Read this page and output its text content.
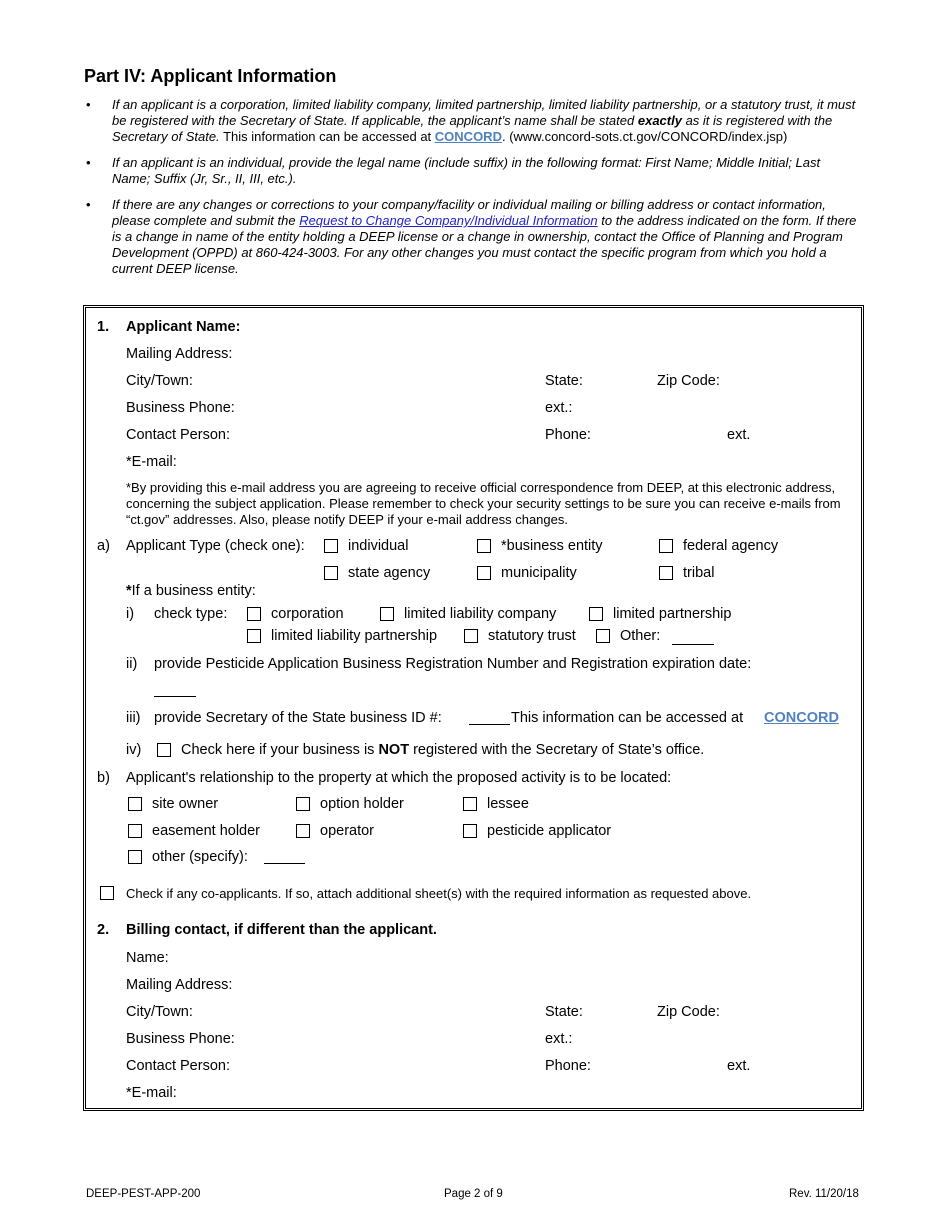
Part IV: Applicant Information
• If an applicant is a corporation, limited liability company, limited partnership, limited liability partnership, or a statutory trust, it must be registered with the Secretary of State. If applicable, the applicant’s name shall be stated exactly as it is registered with the Secretary of State. This information can be accessed at CONCORD. (www.concord-sots.ct.gov/CONCORD/index.jsp)
• If an applicant is an individual, provide the legal name (include suffix) in the following format: First Name; Middle Initial; Last Name; Suffix (Jr, Sr., II, III, etc.).
• If there are any changes or corrections to your company/facility or individual mailing or billing address or contact information, please complete and submit the Request to Change Company/Individual Information to the address indicated on the form. If there is a change in name of the entity holding a DEEP license or a change in ownership, contact the Office of Planning and Program Development (OPPD) at 860-424-3003. For any other changes you must contact the specific program from which you hold a current DEEP license.
1. Applicant Name:
Mailing Address:
City/Town:	State:	Zip Code:
Business Phone:	ext.:
Contact Person:	Phone:	ext.
*E-mail:
*By providing this e-mail address you are agreeing to receive official correspondence from DEEP, at this electronic address, concerning the subject application. Please remember to check your security settings to be sure you can receive e-mails from “ct.gov” addresses. Also, please notify DEEP if your e-mail address changes.
a) Applicant Type (check one):	individual	*business entity	federal agency
state agency	municipality	tribal
*If a business entity:
i) check type:	corporation	limited liability company	limited partnership
limited liability partnership	statutory trust	Other:
ii) provide Pesticide Application Business Registration Number and Registration expiration date:
iii) provide Secretary of the State business ID #:	This information can be accessed at CONCORD
iv)	Check here if your business is NOT registered with the Secretary of State’s office.
b) Applicant's relationship to the property at which the proposed activity is to be located:
site owner	option holder	lessee
easement holder	operator	pesticide applicator
other (specify):
Check if any co-applicants. If so, attach additional sheet(s) with the required information as requested above.
2. Billing contact, if different than the applicant.
Name:
Mailing Address:
City/Town:	State:	Zip Code:
Business Phone:	ext.:
Contact Person:	Phone:	ext.
*E-mail:
DEEP-PEST-APP-200	Page 2 of 9	Rev. 11/20/18
